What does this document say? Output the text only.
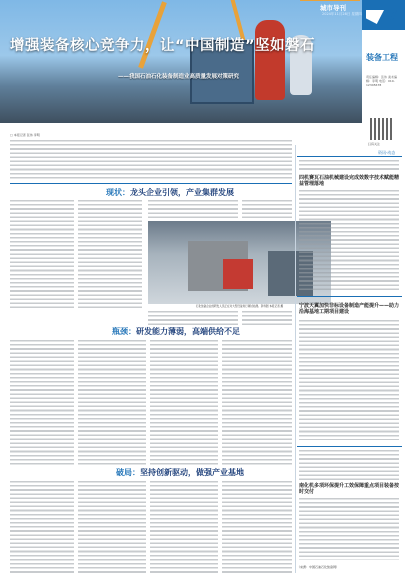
增强装备核心竞争力，让“中国制造”坚如磐石
——我国石油石化装备制造业高质量发展对策研究
城市导刊
2024年11月28日 星期四 7
装备工程
责任编辑：张伟 美术编辑：李明 电话：010-12345678
扫码关注
□ 本报记者 张伟 李明
现状：龙头企业引领，产业集群发展
石化装备企业的研发人员正在对大型设备进行调试检测。资料图 本报记者 摄
瓶颈：研发能力薄弱，高端供给不足
破局：坚持创新驱动，做强产业基地
资讯·动态
四机赛瓦石油机械建设完成效数字技术赋能精益管理落地
宁波天翼加快非标设备制造产能提升——助力沿海基地工期项目建设
南化机多项环保提升工效保障重点项目装备按时交付
（来源：中国石油石化装备网）
